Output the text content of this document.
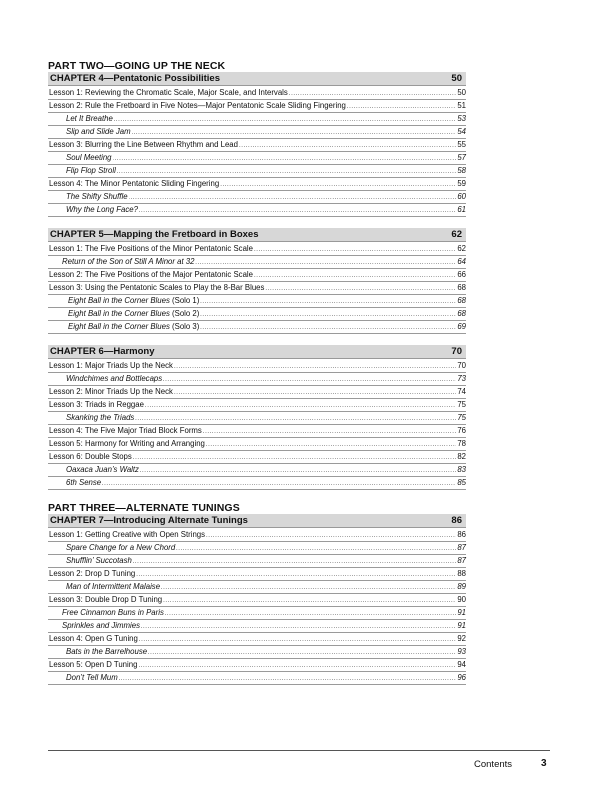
PART TWO—GOING UP THE NECK
CHAPTER 4—Pentatonic Possibilities	50
Lesson 1: Reviewing the Chromatic Scale, Major Scale, and Intervals .....	50
Lesson 2: Rule the Fretboard in Five Notes—Major Pentatonic Scale Sliding Fingering .....	51
Let It Breathe .....	53
Slip and Slide Jam .....	54
Lesson 3: Blurring the Line Between Rhythm and Lead .....	55
Soul Meeting .....	57
Flip Flop Stroll .....	58
Lesson 4: The Minor Pentatonic Sliding Fingering .....	59
The Shifty Shuffle .....	60
Why the Long Face? .....	61
CHAPTER 5—Mapping the Fretboard in Boxes	62
Lesson 1: The Five Positions of the Minor Pentatonic Scale .....	62
Return of the Son of Still A Minor at 32 .....	64
Lesson 2: The Five Positions of the Major Pentatonic Scale .....	66
Lesson 3: Using the Pentatonic Scales to Play the 8-Bar Blues .....	68
Eight Ball in the Corner Blues (Solo 1) .....	68
Eight Ball in the Corner Blues (Solo 2) .....	68
Eight Ball in the Corner Blues (Solo 3) .....	69
CHAPTER 6—Harmony	70
Lesson 1: Major Triads Up the Neck .....	70
Windchimes and Bottlecaps .....	73
Lesson 2: Minor Triads Up the Neck .....	74
Lesson 3: Triads in Reggae .....	75
Skanking the Triads .....	75
Lesson 4: The Five Major Triad Block Forms .....	76
Lesson 5: Harmony for Writing and Arranging .....	78
Lesson 6: Double Stops .....	82
Oaxaca Juan’s Waltz .....	83
6th Sense .....	85
PART THREE—ALTERNATE TUNINGS
CHAPTER 7—Introducing Alternate Tunings	86
Lesson 1: Getting Creative with Open Strings .....	86
Spare Change for a New Chord .....	87
Shufflin’ Succotash .....	87
Lesson 2: Drop D Tuning .....	88
Man of Intermittent Malaise .....	89
Lesson 3: Double Drop D Tuning .....	90
Free Cinnamon Buns in Paris .....	91
Sprinkles and Jimmies .....	91
Lesson 4: Open G Tuning .....	92
Bats in the Barrelhouse .....	93
Lesson 5: Open D Tuning .....	94
Don’t Tell Mum .....	96
Contents	3
